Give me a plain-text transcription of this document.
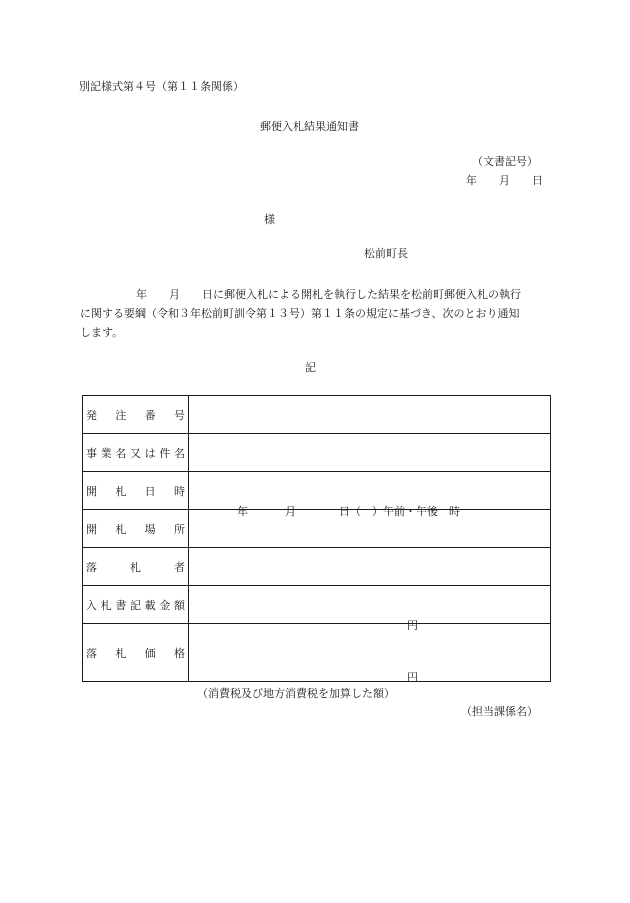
別記様式第４号（第１１条関係）
郵便入札結果通知書
（文書記号）
年　　月　　日
様
松前町長

年　　月　　日に郵便入札による開札を執行した結果を松前町郵便入札の執行

に関する要綱（令和３年松前町訓令第１３号）第１１条の規定に基づき、次のとおり通知

します。

記
発注番号	

事業名又は件名	

開札日時	年 月 日（　）午前・午後　時

開札場所	

落札者	

入札書記載金額	円

落札価格	円
（消費税及び地方消費税を加算した額）
（担当課係名）
